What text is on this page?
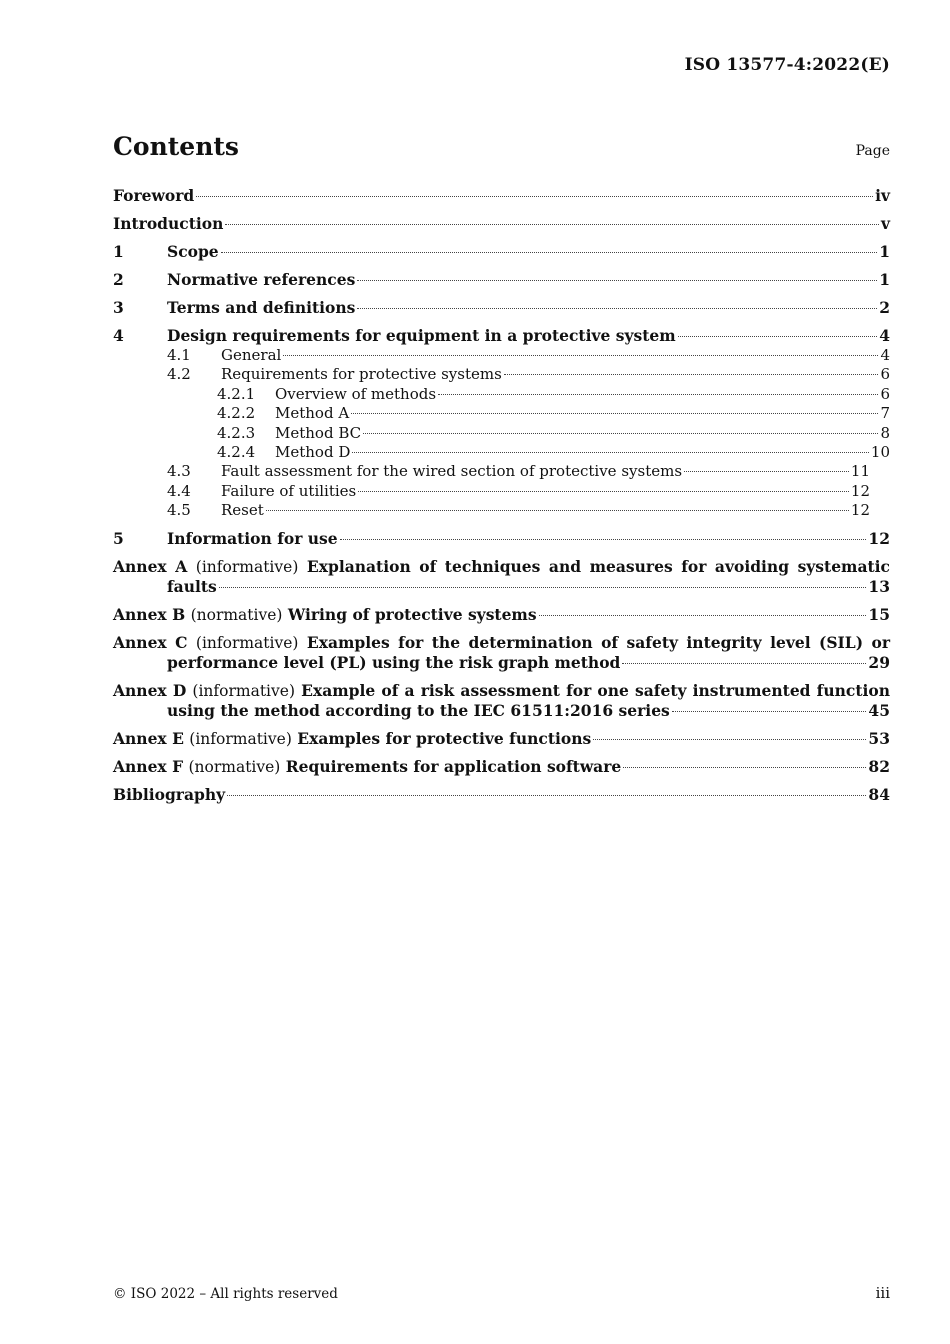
ISO 13577-4:2022(E)
Contents	Page
Foreword	iv
Introduction	v
1	Scope	1
2	Normative references	1
3	Terms and definitions	2
4	Design requirements for equipment in a protective system	4
4.1	General	4
4.2	Requirements for protective systems	6
4.2.1	Overview of methods	6
4.2.2	Method A	7
4.2.3	Method BC	8
4.2.4	Method D	10
4.3	Fault assessment for the wired section of protective systems	11
4.4	Failure of utilities	12
4.5	Reset	12
5	Information for use	12
Annex A (informative) Explanation of techniques and measures for avoiding systematic
faults	13
Annex B (normative) Wiring of protective systems	15
Annex C (informative) Examples for the determination of safety integrity level (SIL) or
performance level (PL) using the risk graph method	29
Annex D (informative) Example of a risk assessment for one safety instrumented function
using the method according to the IEC 61511:2016 series	45
Annex E (informative) Examples for protective functions	53
Annex F (normative) Requirements for application software	82
Bibliography	84
© ISO 2022 – All rights reserved	iii
